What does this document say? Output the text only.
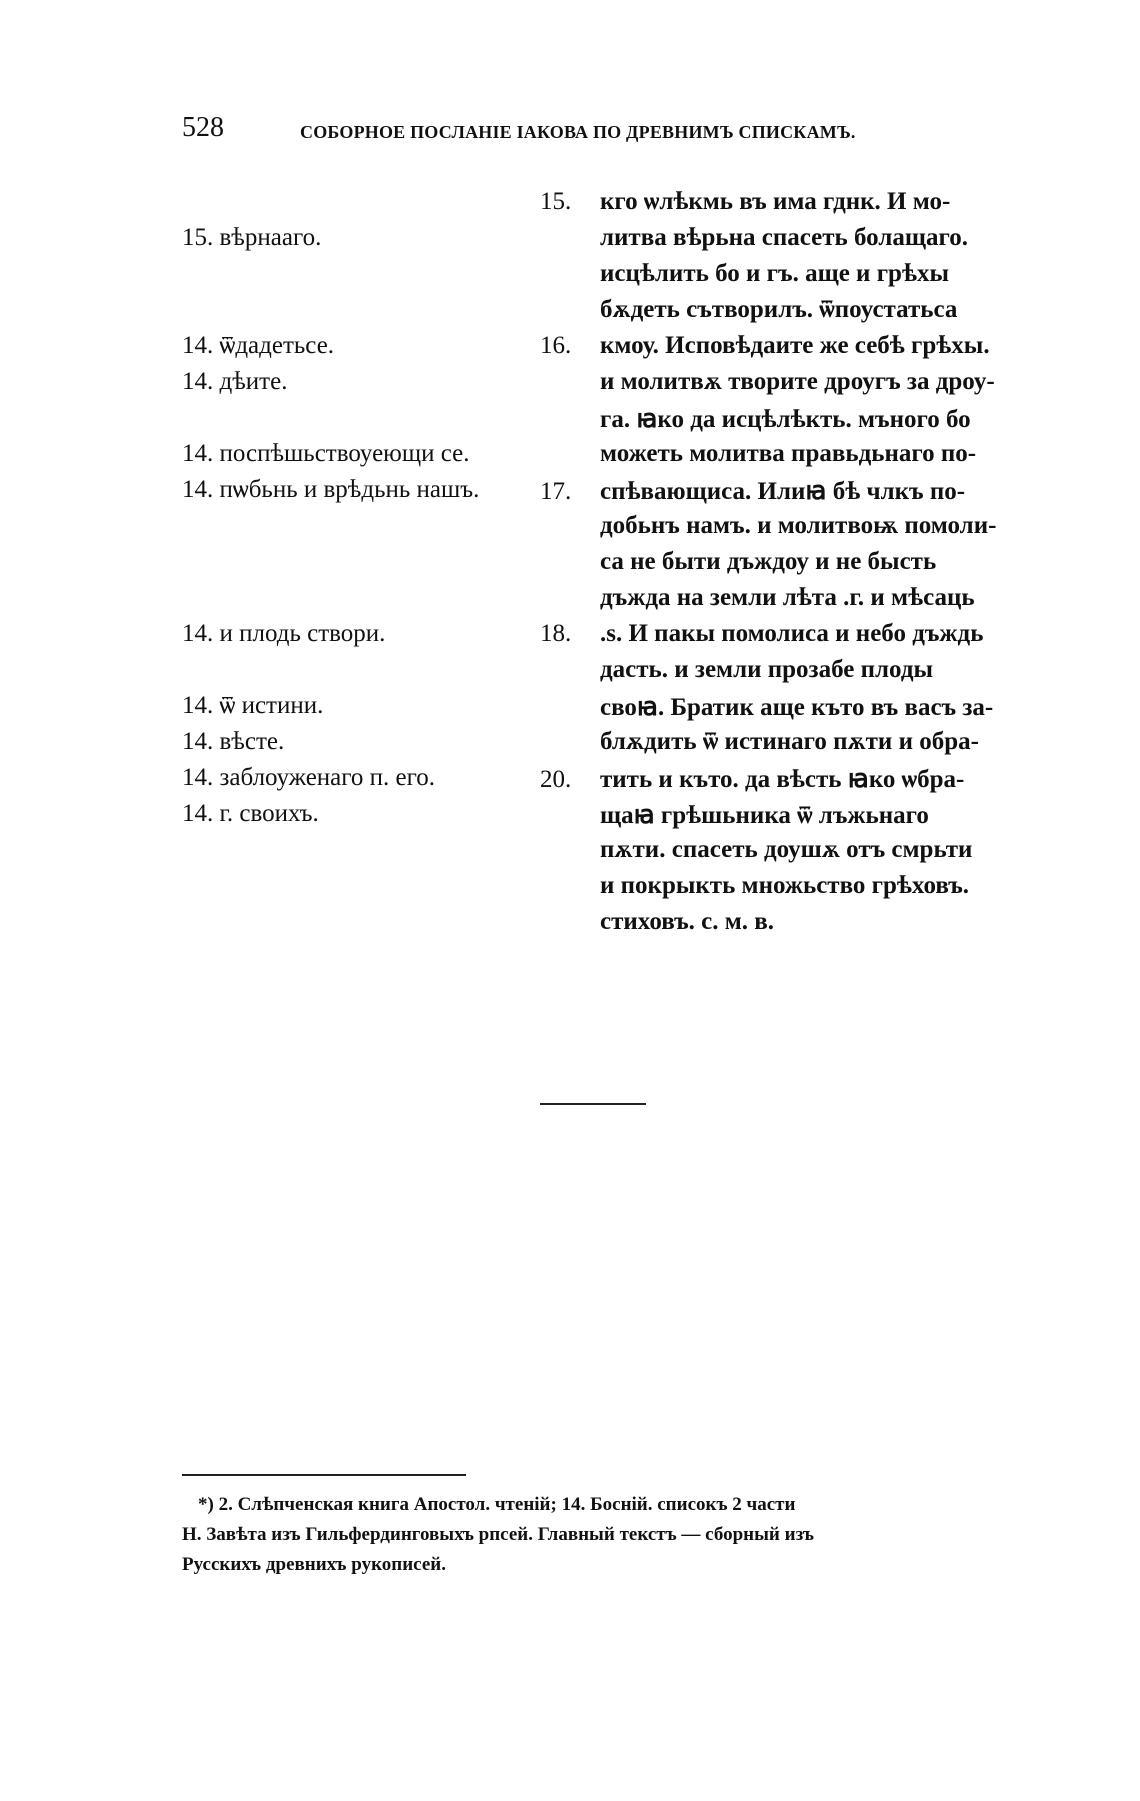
528	СОБОРНОЕ ПОСЛАНІЕ ІАКОВА ПО ДРЕВНИМЪ СПИСКАМЪ.
15. вѣрнааго.
14. ѿдадетьсе.
14. дѣите.
14. поспѣшьствоуеющи се.
14. пѡбьнь и врѣдьнь нашъ.
14. и плодь створи.
14. ѿ истини.
14. вѣсте.
14. заблоуженаго п. его.
14. г. своихъ.
15. кго ѡлѣкмь въ има гднк. И мо-
литва вѣрьна спасеть болащаго.
исцѣлить бо и гъ. аще и грѣхы
бѫдеть сътворилъ. ѿпоустатьса
16. кмоу. Исповѣдаите же себѣ грѣхы.
и молитвѫ творите дроугъ за дроу-
га. ꙗко да исцѣлѣкть. мъного бо
можеть молитва правьдьнаго по-
17. спѣвающиса. Илиꙗ бѣ члкъ по-
добьнъ намъ. и молитвоѭ помоли-
са не быти дъждоу и не бысть
дъжда на земли лѣта .г. и мѣсаць
18. .ѕ. И пакы помолиса и небо дъждь
дасть. и земли прозабе плоды
своꙗ. Братик аще къто въ васъ за-
блѫдить ѿ истинаго пѫти и обра-
20. тить и къто. да вѣсть ꙗко ѡбра-
щаꙗ грѣшьника ѿ лъжьнаго
пѫти. спасеть доушѫ отъ смрьти
и покрыкть множьство грѣховъ.
стиховъ. с. м. в.
*) 2. Слѣпченская книга Апостол. чтеній; 14. Боснiй. списокъ 2 части
Н. Завѣта изъ Гильфердинговыхъ рпсей. Главный текстъ — сборный изъ
Русскихъ древнихъ рукописей.
